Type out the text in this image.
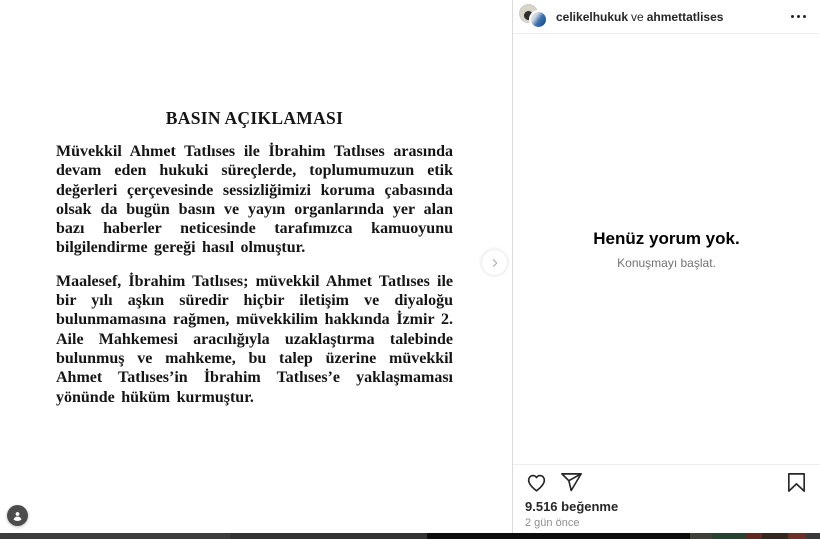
BASIN AÇIKLAMASI

Müvekkil Ahmet Tatlıses ile İbrahim Tatlıses arasında devam eden hukuki süreçlerde, toplumumuzun etik değerleri çerçevesinde sessizliğimizi koruma çabasında olsak da bugün basın ve yayın organlarında yer alan bazı haberler neticesinde tarafımızca kamuoyunu bilgilendirme gereği hasıl olmuştur.

Maalesef, İbrahim Tatlıses; müvekkil Ahmet Tatlıses ile bir yılı aşkın süredir hiçbir iletişim ve diyaloğu bulunmamasına rağmen, müvekkilim hakkında İzmir 2. Aile Mahkemesi aracılığıyla uzaklaştırma talebinde bulunmuş ve mahkeme, bu talep üzerine müvekkil Ahmet Tatlıses’in İbrahim Tatlıses’e yaklaşmaması yönünde hüküm kurmuştur.

celikelhukuk ve ahmettatlises
Henüz yorum yok.
Konuşmayı başlat.
9.516 beğenme
2 gün önce
